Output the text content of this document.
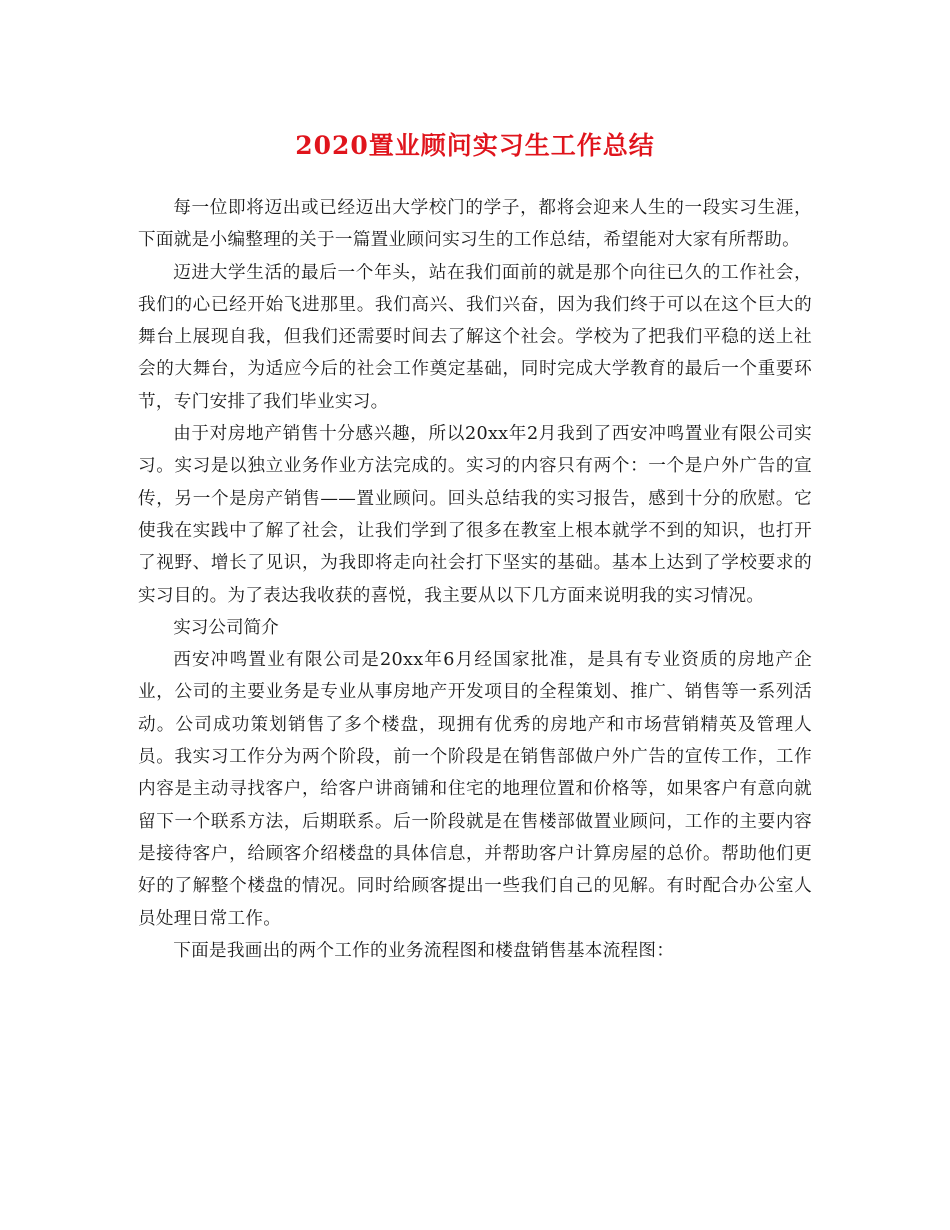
2020置业顾问实习生工作总结

每一位即将迈出或已经迈出大学校门的学子，都将会迎来人生的一段实习生涯，下面就是小编整理的关于一篇置业顾问实习生的工作总结，希望能对大家有所帮助。

迈进大学生活的最后一个年头，站在我们面前的就是那个向往已久的工作社会，我们的心已经开始飞进那里。我们高兴、我们兴奋，因为我们终于可以在这个巨大的舞台上展现自我，但我们还需要时间去了解这个社会。学校为了把我们平稳的送上社会的大舞台，为适应今后的社会工作奠定基础，同时完成大学教育的最后一个重要环节，专门安排了我们毕业实习。

由于对房地产销售十分感兴趣，所以20xx年2月我到了西安冲鸣置业有限公司实习。实习是以独立业务作业方法完成的。实习的内容只有两个：一个是户外广告的宣传，另一个是房产销售——置业顾问。回头总结我的实习报告，感到十分的欣慰。它使我在实践中了解了社会，让我们学到了很多在教室上根本就学不到的知识，也打开了视野、增长了见识，为我即将走向社会打下坚实的基础。基本上达到了学校要求的实习目的。为了表达我收获的喜悦，我主要从以下几方面来说明我的实习情况。

实习公司简介

西安冲鸣置业有限公司是20xx年6月经国家批准，是具有专业资质的房地产企业，公司的主要业务是专业从事房地产开发项目的全程策划、推广、销售等一系列活动。公司成功策划销售了多个楼盘，现拥有优秀的房地产和市场营销精英及管理人员。我实习工作分为两个阶段，前一个阶段是在销售部做户外广告的宣传工作，工作内容是主动寻找客户，给客户讲商铺和住宅的地理位置和价格等，如果客户有意向就留下一个联系方法，后期联系。后一阶段就是在售楼部做置业顾问，工作的主要内容是接待客户，给顾客介绍楼盘的具体信息，并帮助客户计算房屋的总价。帮助他们更好的了解整个楼盘的情况。同时给顾客提出一些我们自己的见解。有时配合办公室人员处理日常工作。

下面是我画出的两个工作的业务流程图和楼盘销售基本流程图：
